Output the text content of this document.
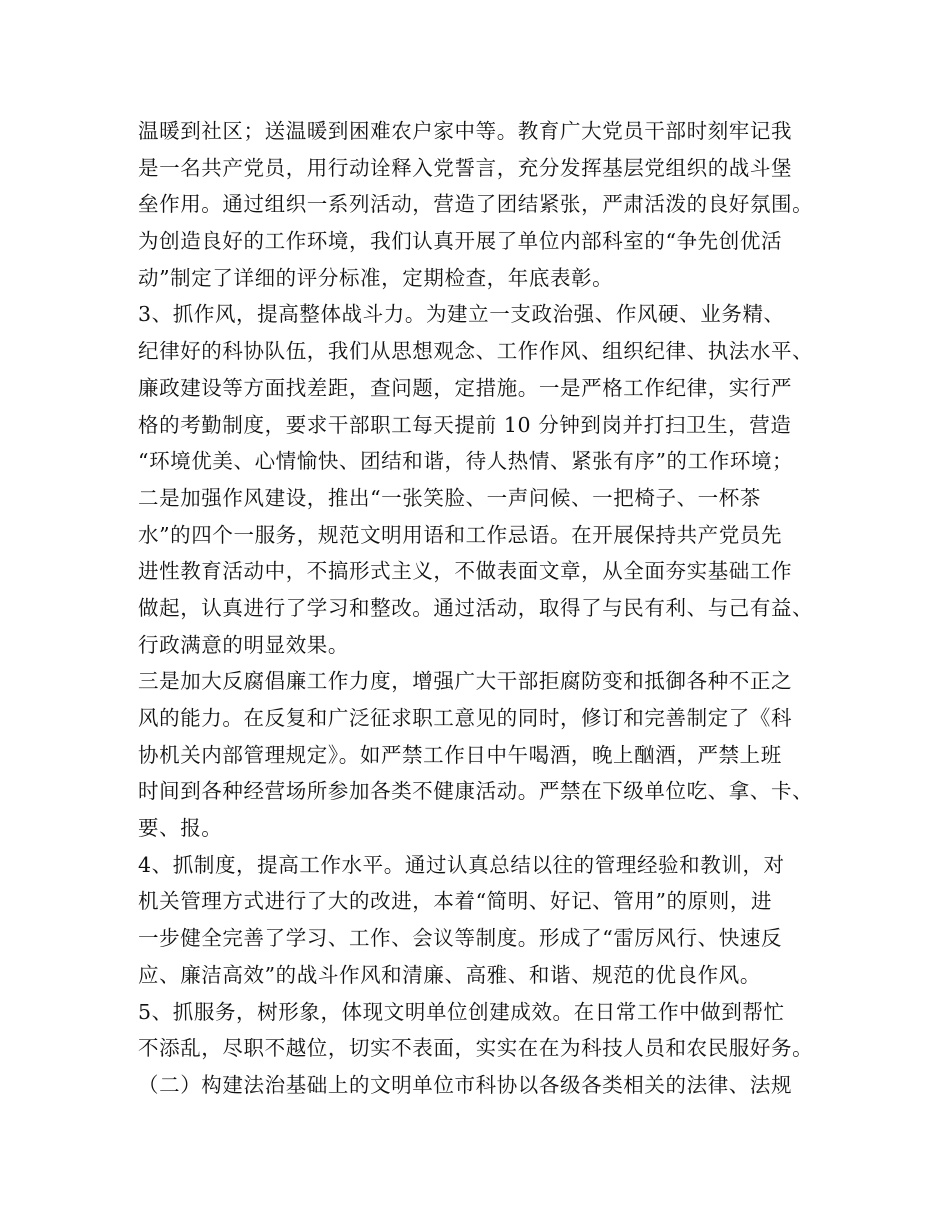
温暖到社区；送温暖到困难农户家中等。教育广大党员干部时刻牢记我
是一名共产党员，用行动诠释入党誓言，充分发挥基层党组织的战斗堡
垒作用。通过组织一系列活动，营造了团结紧张，严肃活泼的良好氛围。
为创造良好的工作环境，我们认真开展了单位内部科室的“争先创优活
动”制定了详细的评分标准，定期检查，年底表彰。
3、抓作风，提高整体战斗力。为建立一支政治强、作风硬、业务精、
纪律好的科协队伍，我们从思想观念、工作作风、组织纪律、执法水平、
廉政建设等方面找差距，查问题，定措施。一是严格工作纪律，实行严
格的考勤制度，要求干部职工每天提前 10 分钟到岗并打扫卫生，营造
“环境优美、心情愉快、团结和谐，待人热情、紧张有序”的工作环境；
二是加强作风建设，推出“一张笑脸、一声问候、一把椅子、一杯茶
水”的四个一服务，规范文明用语和工作忌语。在开展保持共产党员先
进性教育活动中，不搞形式主义，不做表面文章，从全面夯实基础工作
做起，认真进行了学习和整改。通过活动，取得了与民有利、与己有益、
行政满意的明显效果。
三是加大反腐倡廉工作力度，增强广大干部拒腐防变和抵御各种不正之
风的能力。在反复和广泛征求职工意见的同时，修订和完善制定了《科
协机关内部管理规定》。如严禁工作日中午喝酒，晚上酗酒，严禁上班
时间到各种经营场所参加各类不健康活动。严禁在下级单位吃、拿、卡、
要、报。
4、抓制度，提高工作水平。通过认真总结以往的管理经验和教训，对
机关管理方式进行了大的改进，本着“简明、好记、管用”的原则，进
一步健全完善了学习、工作、会议等制度。形成了“雷厉风行、快速反
应、廉洁高效”的战斗作风和清廉、高雅、和谐、规范的优良作风。
5、抓服务，树形象，体现文明单位创建成效。在日常工作中做到帮忙
不添乱，尽职不越位，切实不表面，实实在在为科技人员和农民服好务。
（二）构建法治基础上的文明单位市科协以各级各类相关的法律、法规
